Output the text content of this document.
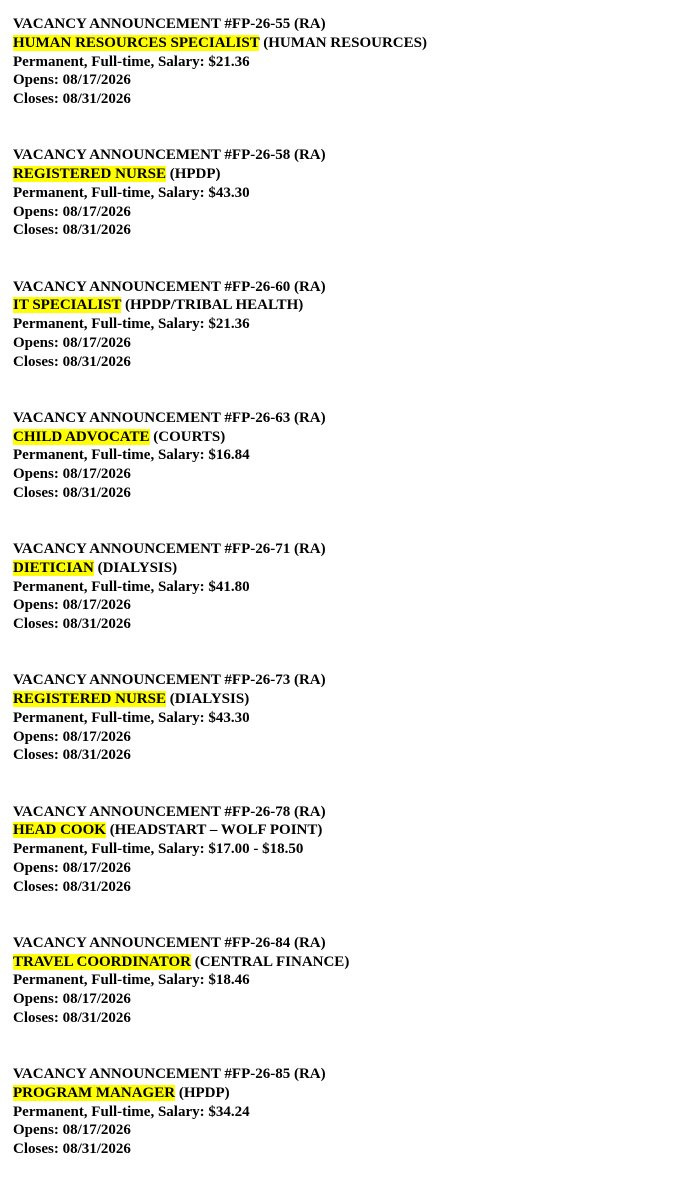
VACANCY ANNOUNCEMENT #FP-26-55 (RA)
HUMAN RESOURCES SPECIALIST (HUMAN RESOURCES)
Permanent, Full-time, Salary: $21.36
Opens: 08/17/2026
Closes: 08/31/2026
VACANCY ANNOUNCEMENT #FP-26-58 (RA)
REGISTERED NURSE (HPDP)
Permanent, Full-time, Salary: $43.30
Opens: 08/17/2026
Closes: 08/31/2026
VACANCY ANNOUNCEMENT #FP-26-60 (RA)
IT SPECIALIST (HPDP/TRIBAL HEALTH)
Permanent, Full-time, Salary: $21.36
Opens: 08/17/2026
Closes: 08/31/2026
VACANCY ANNOUNCEMENT #FP-26-63 (RA)
CHILD ADVOCATE (COURTS)
Permanent, Full-time, Salary: $16.84
Opens: 08/17/2026
Closes: 08/31/2026
VACANCY ANNOUNCEMENT #FP-26-71 (RA)
DIETICIAN (DIALYSIS)
Permanent, Full-time, Salary: $41.80
Opens: 08/17/2026
Closes: 08/31/2026
VACANCY ANNOUNCEMENT #FP-26-73 (RA)
REGISTERED NURSE (DIALYSIS)
Permanent, Full-time, Salary: $43.30
Opens: 08/17/2026
Closes: 08/31/2026
VACANCY ANNOUNCEMENT #FP-26-78 (RA)
HEAD COOK (HEADSTART – WOLF POINT)
Permanent, Full-time, Salary: $17.00 - $18.50
Opens: 08/17/2026
Closes: 08/31/2026
VACANCY ANNOUNCEMENT #FP-26-84 (RA)
TRAVEL COORDINATOR (CENTRAL FINANCE)
Permanent, Full-time, Salary: $18.46
Opens: 08/17/2026
Closes: 08/31/2026
VACANCY ANNOUNCEMENT #FP-26-85 (RA)
PROGRAM MANAGER (HPDP)
Permanent, Full-time, Salary: $34.24
Opens: 08/17/2026
Closes: 08/31/2026
